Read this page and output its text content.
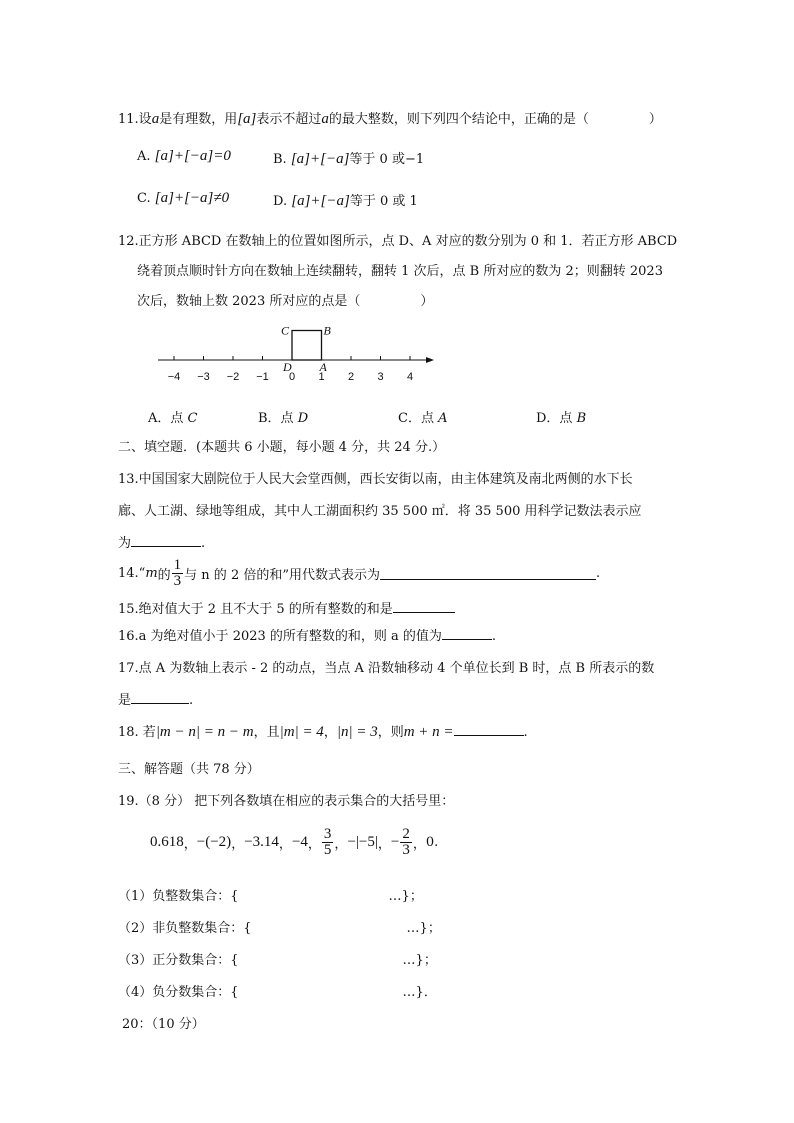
11.设a是有理数，用[a]表示不超过a的最大整数，则下列四个结论中，正确的是（	）
A. [a]+[−a]=0	B. [a]+[−a]等于 0 或−1
C. [a]+[−a]≠0	D. [a]+[−a]等于 0 或 1
12.正方形 ABCD 在数轴上的位置如图所示，点 D、A 对应的数分别为 0 和 1．若正方形 ABCD
绕着顶点顺时针方向在数轴上连续翻转，翻转 1 次后，点 B 所对应的数为 2；则翻转 2023
次后，数轴上数 2023 所对应的点是（	）
−4 −3 −2 −1 0 1 2 3 4
C	B
D A
A．点 C	B．点 D	C．点 A	D．点 B
二、填空题．(本题共 6 小题，每小题 4 分，共 24 分.）
13.中国国家大剧院位于人民大会堂西侧，西长安街以南，由主体建筑及南北两侧的水下长
廊、人工湖、绿地等组成，其中人工湖面积约 35 500 ㎡．将 35 500 用科学记数法表示应
为	.
14.“m的 $\frac{1}{3}$ 与 n 的 2 倍的和”用代数式表示为	.
15.绝对值大于 2 且不大于 5 的所有整数的和是
16.a 为绝对值小于 2023 的所有整数的和，则 a 的值为	.
17.点 A 为数轴上表示 - 2 的动点，当点 A 沿数轴移动 4 个单位长到 B 时，点 B 所表示的数
是	.
18. 若|m − n| = n − m，且|m| = 4，|n| = 3，则m + n =	.
三、解答题（共 78 分）
19.（8 分） 把下列各数填在相应的表示集合的大括号里：
0.618，−(−2)，−3.14，−4， $\frac{3}{5}$ ，−|−5|，− $\frac{2}{3}$ ，0.
（1）负整数集合：{	…}；
（2）非负整数集合：{	…}；
（3）正分数集合：{	…}；
（4）负分数集合：{	…}．
20：（10 分）
